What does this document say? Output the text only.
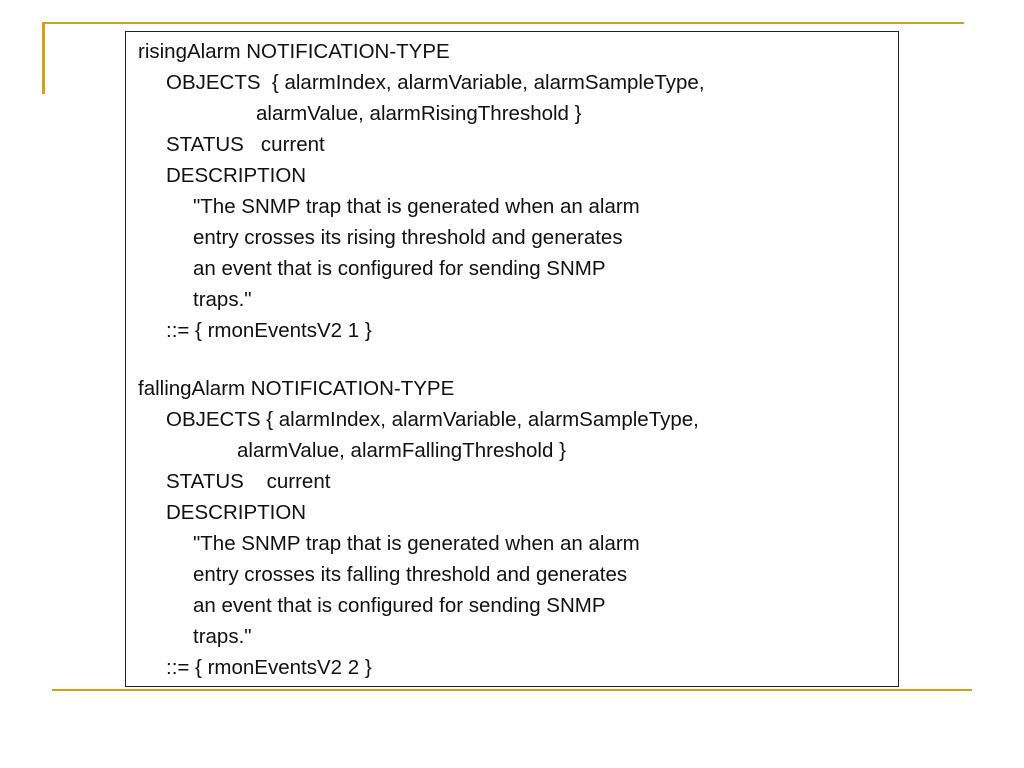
risingAlarm NOTIFICATION-TYPE

OBJECTS  { alarmIndex, alarmVariable, alarmSampleType,

alarmValue, alarmRisingThreshold }

STATUS   current

DESCRIPTION

"The SNMP trap that is generated when an alarm

entry crosses its rising threshold and generates

an event that is configured for sending SNMP

traps."

::= { rmonEventsV2 1 }

fallingAlarm NOTIFICATION-TYPE

OBJECTS { alarmIndex, alarmVariable, alarmSampleType,

alarmValue, alarmFallingThreshold }

STATUS    current

DESCRIPTION

"The SNMP trap that is generated when an alarm

entry crosses its falling threshold and generates

an event that is configured for sending SNMP

traps."

::= { rmonEventsV2 2 }
